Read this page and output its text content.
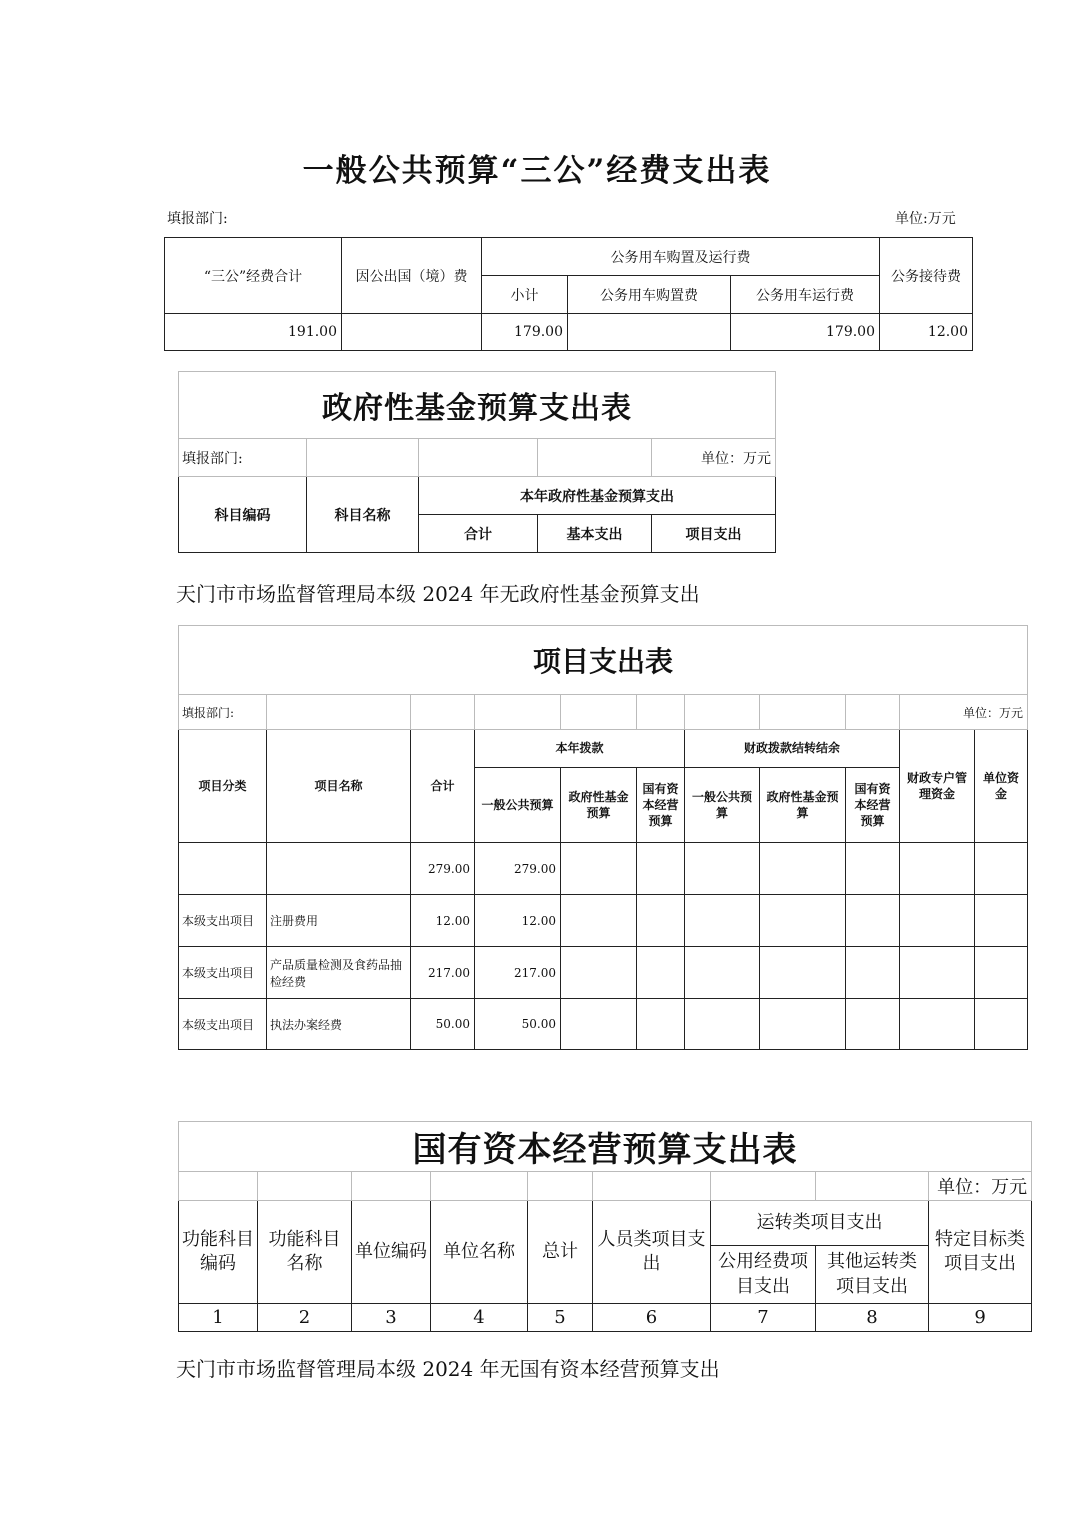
一般公共预算“三公”经费支出表
填报部门:	单位:万元
“三公”经费合计	因公出国（境）费	公务用车购置及运行费			公务接待费
		小计	公务用车购置费	公务用车运行费	
191.00		179.00		179.00	12.00
政府性基金预算支出表				
填报部门:				单位：万元
科目编码	科目名称	本年政府性基金预算支出		
		合计	基本支出	项目支出
天门市市场监督管理局本级 2024 年无政府性基金预算支出
项目支出表										
填报部门:									单位：万元	
项目分类	项目名称	合计	本年拨款			财政拨款结转结余			财政专户管理资金	单位资金
			一般公共预算	政府性基金预算	国有资本经营预算	一般公共预算	政府性基金预算	国有资本经营预算		
		279.00	279.00							
本级支出项目	注册费用	12.00	12.00							
本级支出项目	产品质量检测及食药品抽检经费	217.00	217.00							
本级支出项目	执法办案经费	50.00	50.00							
国有资本经营预算支出表								
								单位：万元
功能科目编码	功能科目名称	单位编码	单位名称	总计	人员类项目支出	运转类项目支出		特定目标类项目支出
						公用经费项目支出	其他运转类项目支出	
1	2	3	4	5	6	7	8	9
天门市市场监督管理局本级 2024 年无国有资本经营预算支出
